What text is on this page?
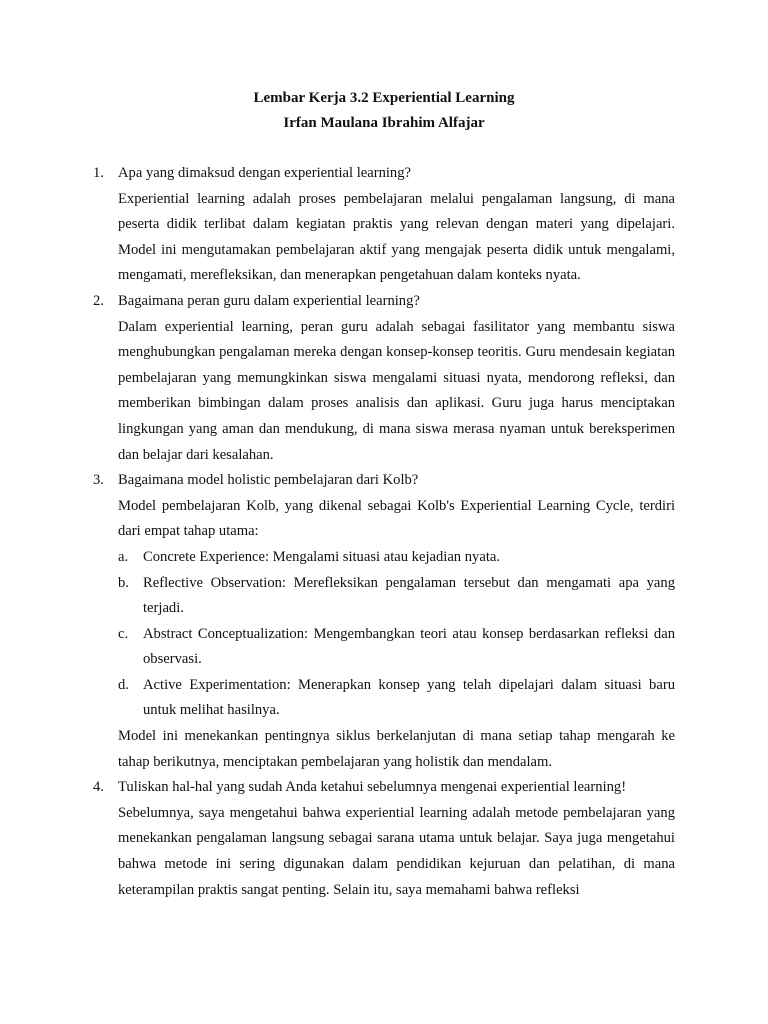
Lembar Kerja 3.2 Experiential Learning
Irfan Maulana Ibrahim Alfajar
1. Apa yang dimaksud dengan experiential learning?

Experiential learning adalah proses pembelajaran melalui pengalaman langsung, di mana peserta didik terlibat dalam kegiatan praktis yang relevan dengan materi yang dipelajari. Model ini mengutamakan pembelajaran aktif yang mengajak peserta didik untuk mengalami, mengamati, merefleksikan, dan menerapkan pengetahuan dalam konteks nyata.

2. Bagaimana peran guru dalam experiential learning?

Dalam experiential learning, peran guru adalah sebagai fasilitator yang membantu siswa menghubungkan pengalaman mereka dengan konsep-konsep teoritis. Guru mendesain kegiatan pembelajaran yang memungkinkan siswa mengalami situasi nyata, mendorong refleksi, dan memberikan bimbingan dalam proses analisis dan aplikasi. Guru juga harus menciptakan lingkungan yang aman dan mendukung, di mana siswa merasa nyaman untuk bereksperimen dan belajar dari kesalahan.

3. Bagaimana model holistic pembelajaran dari Kolb?

Model pembelajaran Kolb, yang dikenal sebagai Kolb's Experiential Learning Cycle, terdiri dari empat tahap utama:

a. Concrete Experience: Mengalami situasi atau kejadian nyata.
b. Reflective Observation: Merefleksikan pengalaman tersebut dan mengamati apa yang terjadi.
c. Abstract Conceptualization: Mengembangkan teori atau konsep berdasarkan refleksi dan observasi.
d. Active Experimentation: Menerapkan konsep yang telah dipelajari dalam situasi baru untuk melihat hasilnya.

Model ini menekankan pentingnya siklus berkelanjutan di mana setiap tahap mengarah ke tahap berikutnya, menciptakan pembelajaran yang holistik dan mendalam.

4. Tuliskan hal-hal yang sudah Anda ketahui sebelumnya mengenai experiential learning!

Sebelumnya, saya mengetahui bahwa experiential learning adalah metode pembelajaran yang menekankan pengalaman langsung sebagai sarana utama untuk belajar. Saya juga mengetahui bahwa metode ini sering digunakan dalam pendidikan kejuruan dan pelatihan, di mana keterampilan praktis sangat penting. Selain itu, saya memahami bahwa refleksi
